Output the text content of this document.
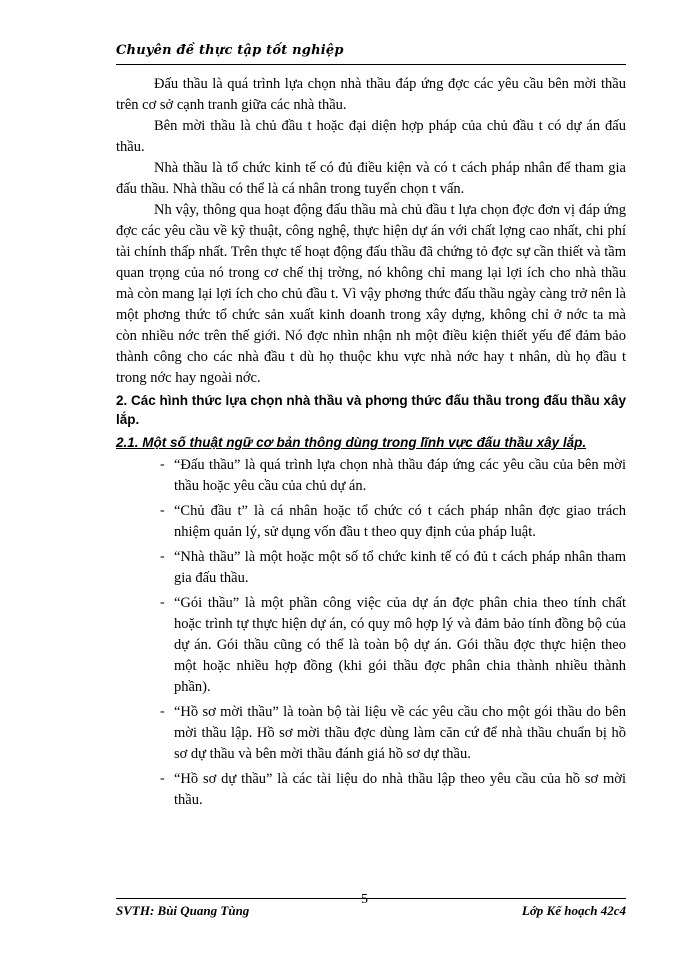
Chuyên đề thực tập tốt nghiệp

Đấu thầu là quá trình lựa chọn nhà thầu đáp ứng đợc các yêu cầu bên mời thầu trên cơ sở cạnh tranh giữa các nhà thầu.

Bên mời thầu là chủ đầu t hoặc đại diện hợp pháp của chủ đầu t có dự án đấu thầu.

Nhà thầu là tổ chức kinh tế có đủ điều kiện và có t cách pháp nhân để tham gia đấu thầu. Nhà thầu có thể là cá nhân trong tuyển chọn t vấn.

Nh vậy, thông qua hoạt động đấu thầu mà chủ đầu t lựa chọn đợc đơn vị đáp ứng đợc các yêu cầu về kỹ thuật, công nghệ, thực hiện dự án với chất lợng cao nhất, chi phí tài chính thấp nhất. Trên thực tế hoạt động đấu thầu đã chứng tỏ đợc sự cần thiết và tầm quan trọng của nó trong cơ chế thị trờng, nó không chỉ mang lại lợi ích cho nhà thầu mà còn mang lại lợi ích cho chủ đầu t. Vì vậy phơng thức đấu thầu ngày càng trở nên là một phơng thức tổ chức sản xuất kinh doanh trong xây dựng, không chỉ ở nớc ta mà còn nhiều nớc trên thế giới. Nó đợc nhìn nhận nh một điều kiện thiết yếu để đảm bảo thành công cho các nhà đầu t dù họ thuộc khu vực nhà nớc hay t nhân, dù họ đầu t trong nớc hay ngoài nớc.

2. Các hình thức lựa chọn nhà thầu và phơng thức đấu thầu trong đấu thầu xây lắp.
2.1. Một số thuật ngữ cơ bản thông dùng trong lĩnh vực đấu thầu xây lắp.
- “Đấu thầu” là quá trình lựa chọn nhà thầu đáp ứng các yêu cầu của bên mời thầu hoặc yêu cầu của chủ dự án.
- “Chủ đầu t” là cá nhân hoặc tổ chức có t cách pháp nhân đợc giao trách nhiệm quản lý, sử dụng vốn đầu t theo quy định của pháp luật.
- “Nhà thầu” là một hoặc một số tổ chức kinh tế có đủ t cách pháp nhân tham gia đấu thầu.
- “Gói thầu” là một phần công việc của dự án đợc phân chia theo tính chất hoặc trình tự thực hiện dự án, có quy mô hợp lý và đảm bảo tính đồng bộ của dự án. Gói thầu cũng có thể là toàn bộ dự án. Gói thầu đợc thực hiện theo một hoặc nhiều hợp đồng (khi gói thầu đợc phân chia thành nhiều thành phần).
- “Hồ sơ mời thầu” là toàn bộ tài liệu về các yêu cầu cho một gói thầu do bên mời thầu lập. Hồ sơ mời thầu đợc dùng làm căn cứ để nhà thầu chuẩn bị hồ sơ dự thầu và bên mời thầu đánh giá hồ sơ dự thầu.
- “Hồ sơ dự thầu” là các tài liệu do nhà thầu lập theo yêu cầu của hồ sơ mời thầu.
SVTH: Bùi Quang Tùng
5
Lớp Kế hoạch 42c4
